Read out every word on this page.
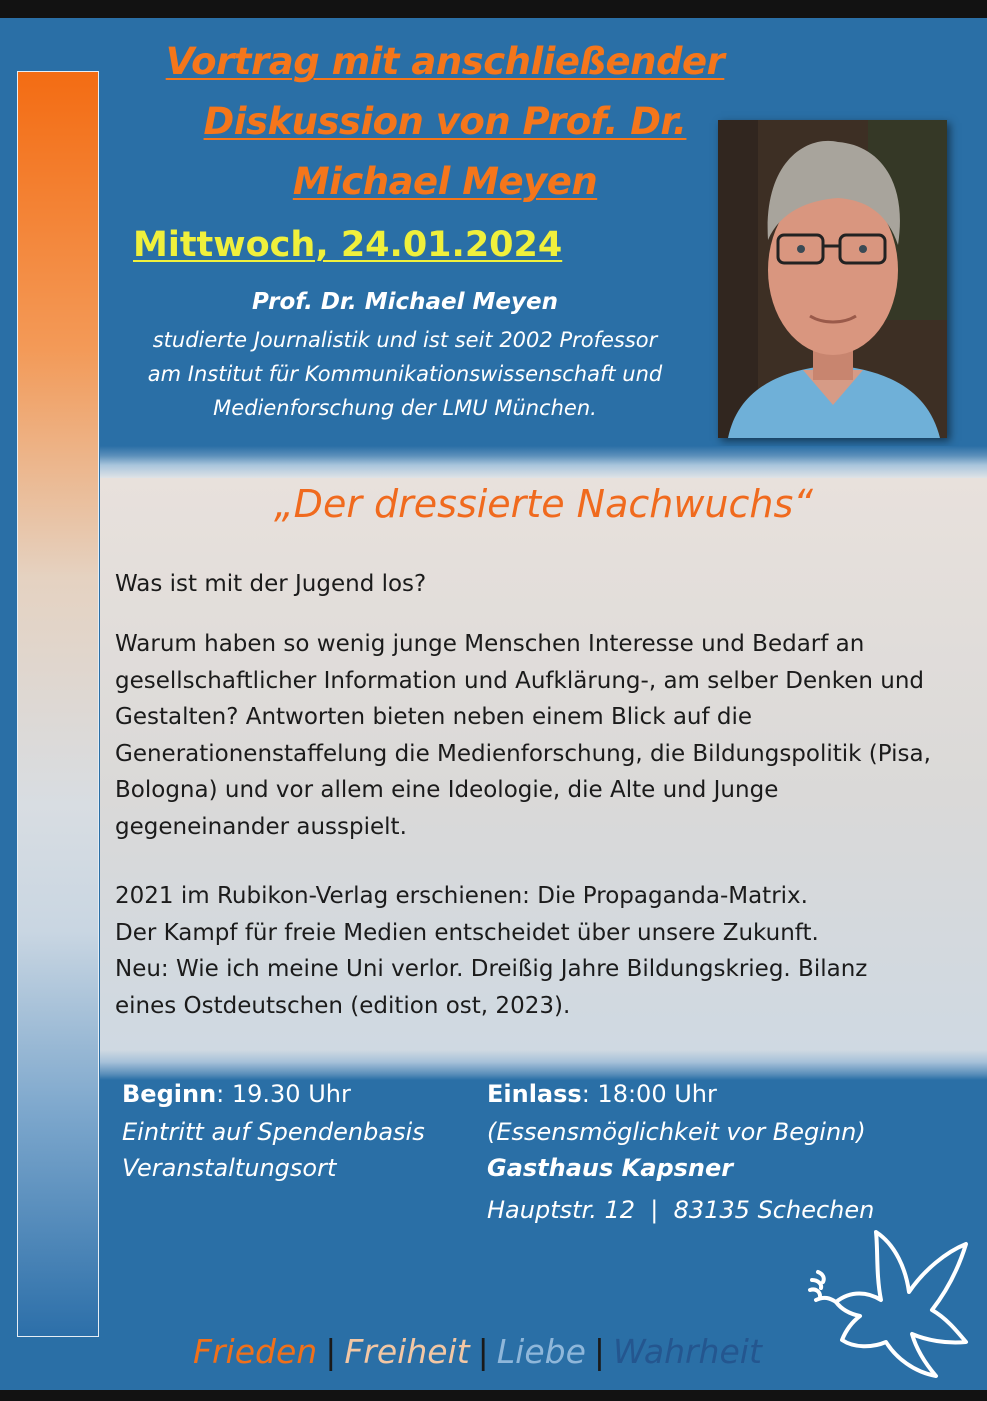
Vortrag mit anschließender
Diskussion von Prof. Dr.
Michael Meyen
Mittwoch, 24.01.2024
Prof. Dr. Michael Meyen
studierte Journalistik und ist seit 2002 Professor
am Institut für Kommunikationswissenschaft und
Medienforschung der LMU München.
„Der dressierte Nachwuchs“

Was ist mit der Jugend los?

Warum haben so wenig junge Menschen Interesse und Bedarf an gesellschaftlicher Information und Aufklärung-, am selber Denken und Gestalten? Antworten bieten neben einem Blick auf die Generationenstaffelung die Medienforschung, die Bildungspolitik (Pisa, Bologna) und vor allem eine Ideologie, die Alte und Junge gegeneinander ausspielt.

2021 im Rubikon-Verlag erschienen: Die Propaganda-Matrix.
Der Kampf für freie Medien entscheidet über unsere Zukunft.
Neu: Wie ich meine Uni verlor. Dreißig Jahre Bildungskrieg. Bilanz
eines Ostdeutschen (edition ost, 2023).
Beginn: 19.30 Uhr
Eintritt auf Spendenbasis
Veranstaltungsort
Einlass: 18:00 Uhr
(Essensmöglichkeit vor Beginn)
Gasthaus Kapsner
Hauptstr. 12  |  83135 Schechen
Frieden | Freiheit | Liebe | Wahrheit
